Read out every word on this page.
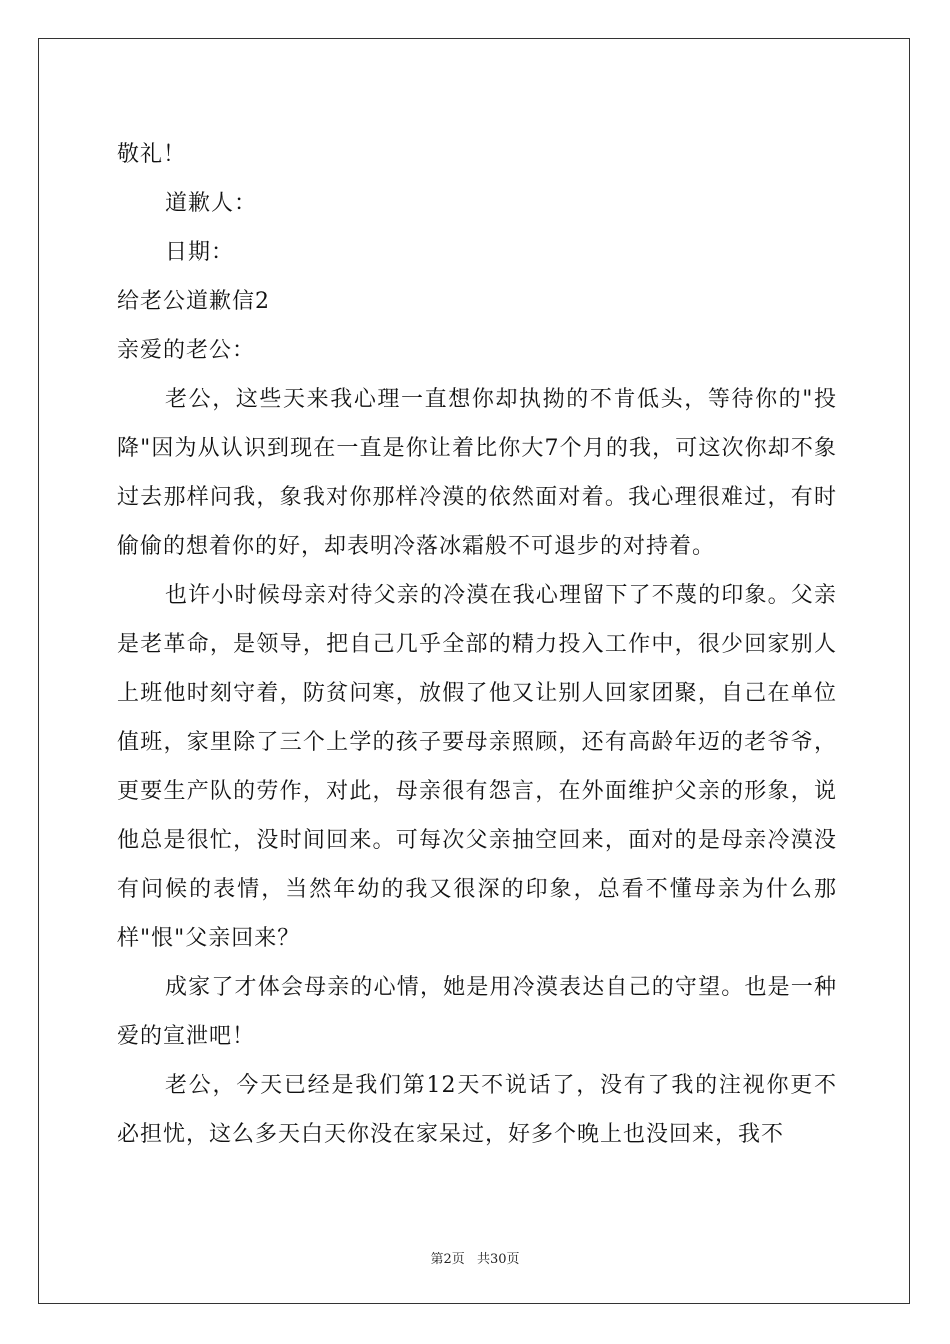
敬礼！
道歉人：
日期：
给老公道歉信2
亲爱的老公：

老公，这些天来我心理一直想你却执拗的不肯低头，等待你的"投降"因为从认识到现在一直是你让着比你大7个月的我，可这次你却不象过去那样问我，象我对你那样冷漠的依然面对着。我心理很难过，有时偷偷的想着你的好，却表明冷落冰霜般不可退步的对持着。

也许小时候母亲对待父亲的冷漠在我心理留下了不蔑的印象。父亲是老革命，是领导，把自己几乎全部的精力投入工作中，很少回家别人上班他时刻守着，防贫问寒，放假了他又让别人回家团聚，自己在单位值班，家里除了三个上学的孩子要母亲照顾，还有高龄年迈的老爷爷，更要生产队的劳作，对此，母亲很有怨言，在外面维护父亲的形象，说他总是很忙，没时间回来。可每次父亲抽空回来，面对的是母亲冷漠没有问候的表情，当然年幼的我又很深的印象，总看不懂母亲为什么那样"恨"父亲回来？

成家了才体会母亲的心情，她是用冷漠表达自己的守望。也是一种爱的宣泄吧！

老公，今天已经是我们第12天不说话了，没有了我的注视你更不必担忧，这么多天白天你没在家呆过，好多个晚上也没回来，我不

第2页 共30页
